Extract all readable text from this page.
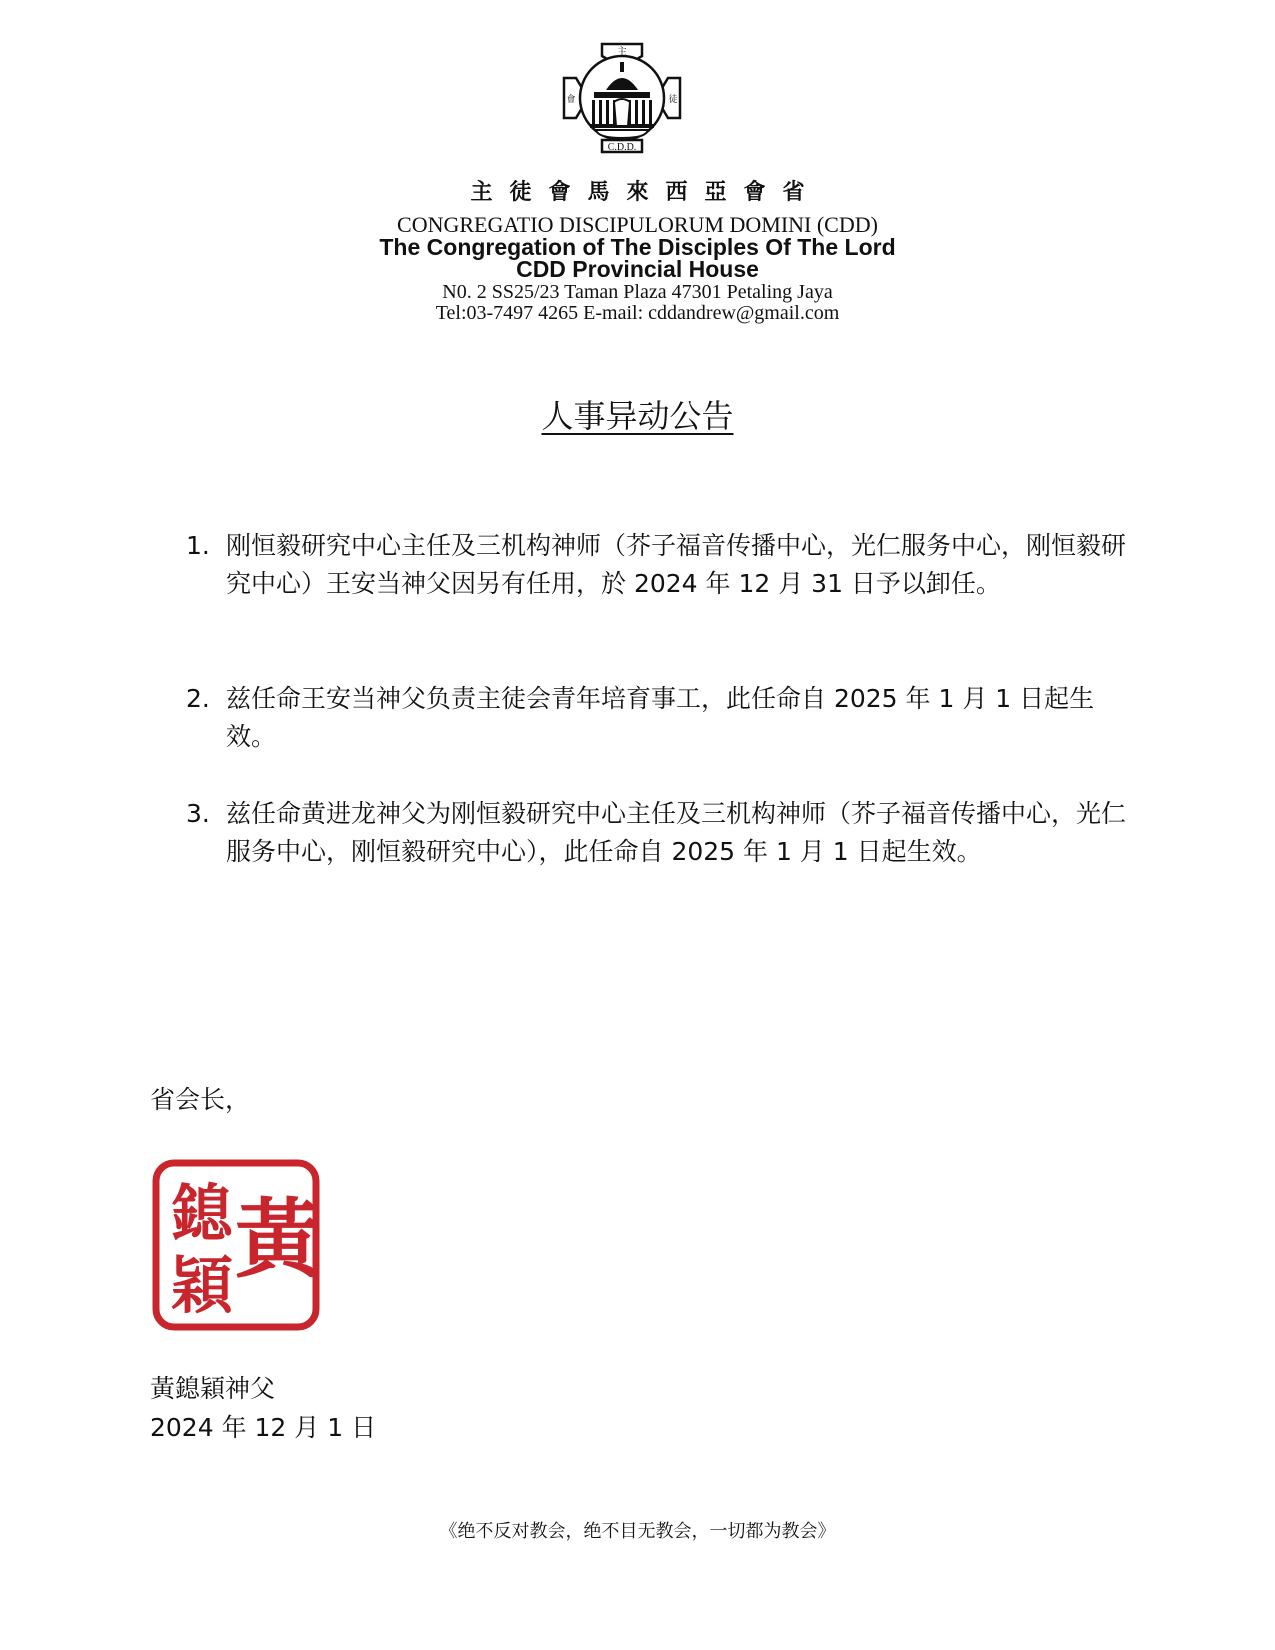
主
會	徒
C.D.D.
主徒會馬來西亞會省
CONGREGATIO DISCIPULORUM DOMINI (CDD)
The Congregation of The Disciples Of The Lord
CDD Provincial House
N0. 2 SS25/23 Taman Plaza 47301 Petaling Jaya
Tel:03-7497 4265 E-mail: cddandrew@gmail.com
人事异动公告
1. 刚恒毅研究中心主任及三机构神师（芥子福音传播中心，光仁服务中心，刚恒毅研究中心）王安当神父因另有任用，於 2024 年 12 月 31 日予以卸任。
2. 兹任命王安当神父负责主徒会青年培育事工，此任命自 2025 年 1 月 1 日起生效。
3. 兹任命黄进龙神父为刚恒毅研究中心主任及三机构神师（芥子福音传播中心，光仁服务中心，刚恒毅研究中心），此任命自 2025 年 1 月 1 日起生效。
省会长，
黃
鎴
穎
黃鎴穎神父
2024 年 12 月 1 日
《绝不反对教会，绝不目无教会，一切都为教会》
